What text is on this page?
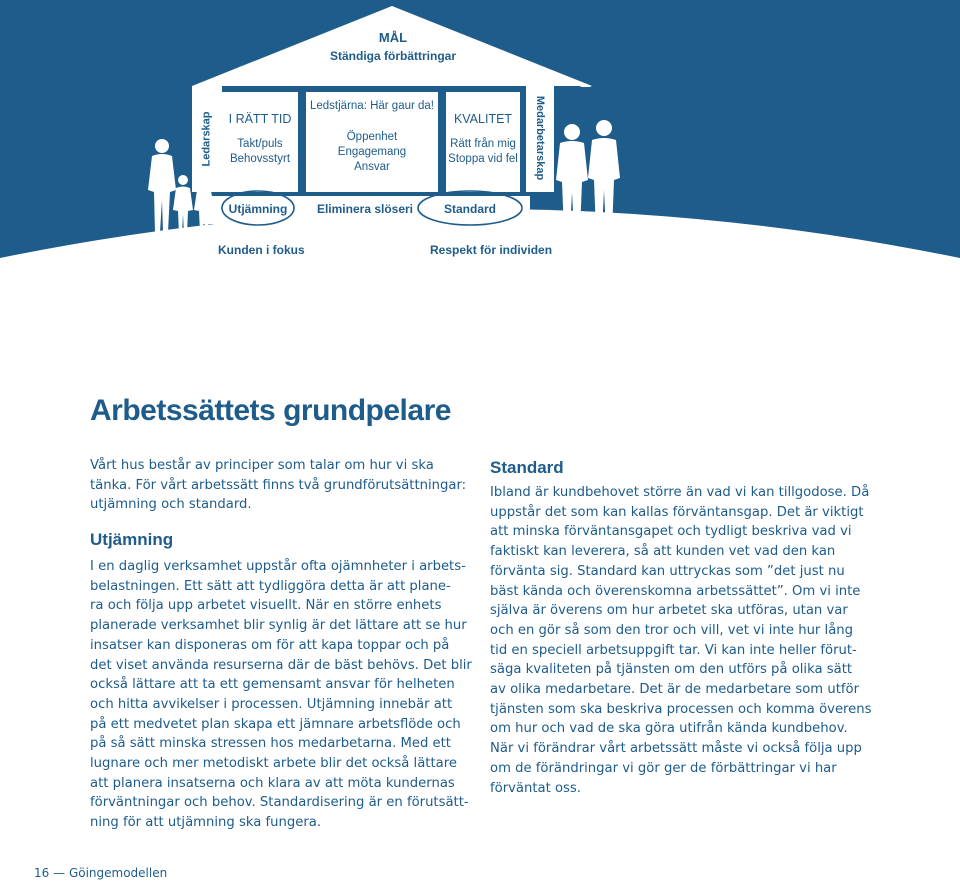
MÅL
Ständiga förbättringar
Ledarskap	Medarbetarskap
I RÄTT TID
Takt/puls
Behovsstyrt
Ledstjärna: Här gaur da!
Öppenhet
Engagemang
Ansvar
KVALITET
Rätt från mig
Stoppa vid fel
Utjämning	Eliminera slöseri	Standard
Kunden i fokus	Respekt för individen
Arbetssättets grundpelare
Vårt hus består av principer som talar om hur vi ska
tänka. För vårt arbetssätt finns två grundförutsättningar:
utjämning och standard.
Utjämning
I en daglig verksamhet uppstår ofta ojämnheter i arbets-
belastningen. Ett sätt att tydliggöra detta är att plane-
ra och följa upp arbetet visuellt. När en större enhets
planerade verksamhet blir synlig är det lättare att se hur
insatser kan disponeras om för att kapa toppar och på
det viset använda resurserna där de bäst behövs. Det blir
också lättare att ta ett gemensamt ansvar för helheten
och hitta avvikelser i processen. Utjämning innebär att
på ett medvetet plan skapa ett jämnare arbetsflöde och
på så sätt minska stressen hos medarbetarna. Med ett
lugnare och mer metodiskt arbete blir det också lättare
att planera insatserna och klara av att möta kundernas
förväntningar och behov. Standardisering är en förutsätt-
ning för att utjämning ska fungera.
Standard
Ibland är kundbehovet större än vad vi kan tillgodose. Då
uppstår det som kan kallas förväntansgap. Det är viktigt
att minska förväntansgapet och tydligt beskriva vad vi
faktiskt kan leverera, så att kunden vet vad den kan
förvänta sig. Standard kan uttryckas som ”det just nu
bäst kända och överenskomna arbetssättet”. Om vi inte
själva är överens om hur arbetet ska utföras, utan var
och en gör så som den tror och vill, vet vi inte hur lång
tid en speciell arbetsuppgift tar. Vi kan inte heller förut-
säga kvaliteten på tjänsten om den utförs på olika sätt
av olika medarbetare. Det är de medarbetare som utför
tjänsten som ska beskriva processen och komma överens
om hur och vad de ska göra utifrån kända kundbehov.
När vi förändrar vårt arbetssätt måste vi också följa upp
om de förändringar vi gör ger de förbättringar vi har
förväntat oss.
16 — Göingemodellen
